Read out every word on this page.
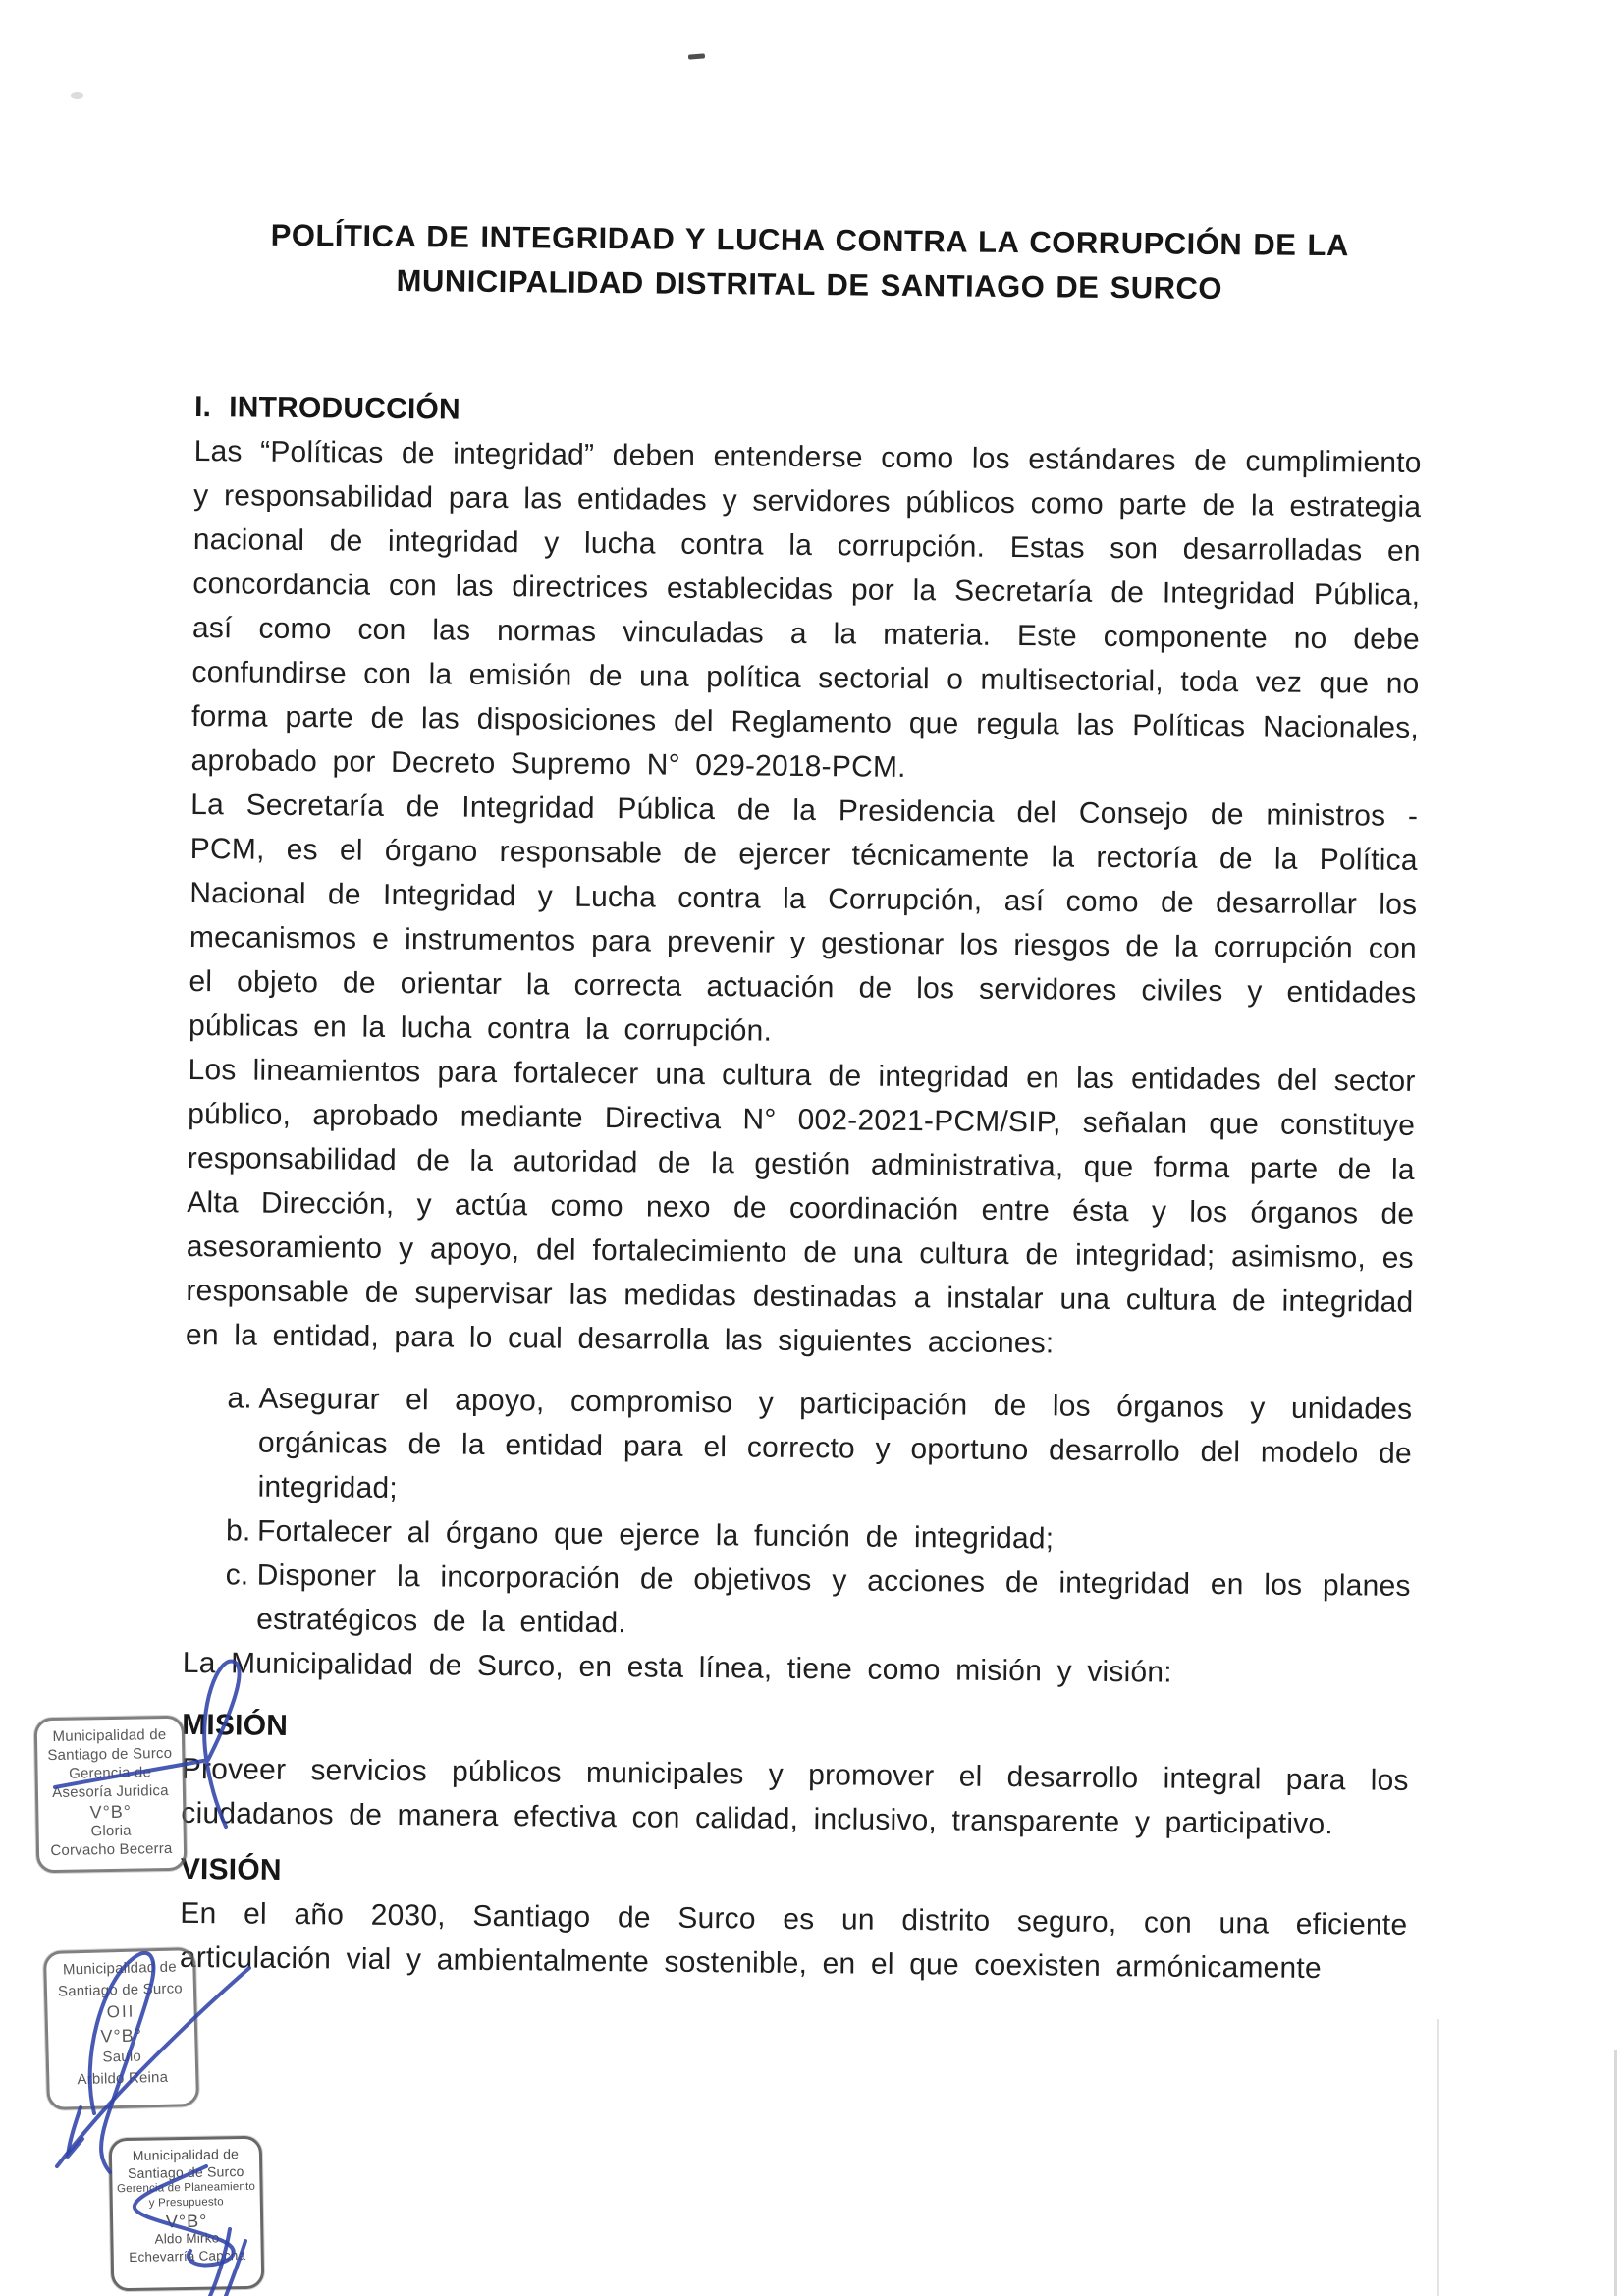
POLÍTICA DE INTEGRIDAD Y LUCHA CONTRA LA CORRUPCIÓN DE LA
MUNICIPALIDAD DISTRITAL DE SANTIAGO DE SURCO
I. INTRODUCCIÓN

Las “Políticas de integridad” deben entenderse como los estándares de cumplimiento y responsabilidad para las entidades y servidores públicos como parte de la estrategia nacional de integridad y lucha contra la corrupción. Estas son desarrolladas en concordancia con las directrices establecidas por la Secretaría de Integridad Pública, así como con las normas vinculadas a la materia. Este componente no debe confundirse con la emisión de una política sectorial o multisectorial, toda vez que no forma parte de las disposiciones del Reglamento que regula las Políticas Nacionales, aprobado por Decreto Supremo N° 029-2018-PCM.

La Secretaría de Integridad Pública de la Presidencia del Consejo de ministros - PCM, es el órgano responsable de ejercer técnicamente la rectoría de la Política Nacional de Integridad y Lucha contra la Corrupción, así como de desarrollar los mecanismos e instrumentos para prevenir y gestionar los riesgos de la corrupción con el objeto de orientar la correcta actuación de los servidores civiles y entidades públicas en la lucha contra la corrupción.

Los lineamientos para fortalecer una cultura de integridad en las entidades del sector público, aprobado mediante Directiva N° 002-2021-PCM/SIP, señalan que constituye responsabilidad de la autoridad de la gestión administrativa, que forma parte de la Alta Dirección, y actúa como nexo de coordinación entre ésta y los órganos de asesoramiento y apoyo, del fortalecimiento de una cultura de integridad; asimismo, es responsable de supervisar las medidas destinadas a instalar una cultura de integridad en la entidad, para lo cual desarrolla las siguientes acciones:

a. Asegurar el apoyo, compromiso y participación de los órganos y unidades orgánicas de la entidad para el correcto y oportuno desarrollo del modelo de integridad;
b. Fortalecer al órgano que ejerce la función de integridad;
c. Disponer la incorporación de objetivos y acciones de integridad en los planes estratégicos de la entidad.

La Municipalidad de Surco, en esta línea, tiene como misión y visión:

MISIÓN

Proveer servicios públicos municipales y promover el desarrollo integral para los ciudadanos de manera efectiva con calidad, inclusivo, transparente y participativo.

VISIÓN

En el año 2030, Santiago de Surco es un distrito seguro, con una eficiente articulación vial y ambientalmente sostenible, en el que coexisten armónicamente

Municipalidad de
Santiago de Surco
Gerencia de
Asesoría Juridica
V°B°
Gloria
Corvacho Becerra
Municipalidad de
Santiago de Surco
OII
V°B°
Saulo
Arbildo Reina
Municipalidad de
Santiago de Surco
Gerencia de Planeamiento
y Presupuesto
V°B°
Aldo Mirko
Echevarría Capcha
